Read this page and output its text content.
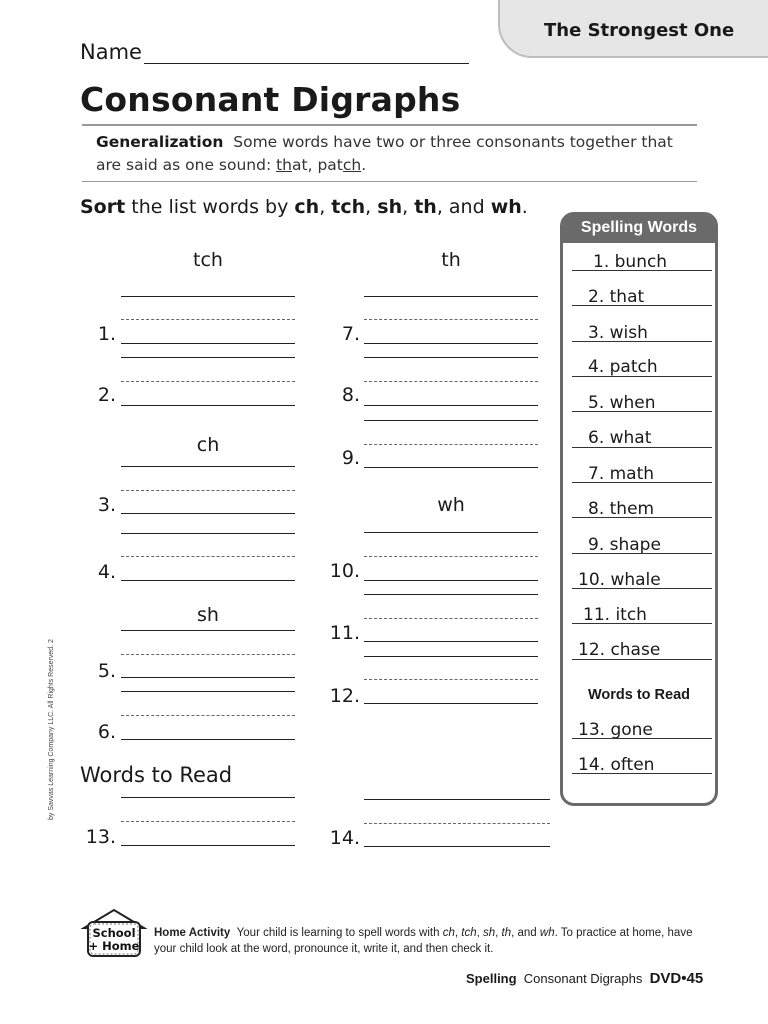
The Strongest One
Name
Consonant Digraphs
Generalization Some words have two or three consonants together that are said as one sound: that, patch.
Sort the list words by ch, tch, sh, th, and wh.
tch
1.
2.
ch
3.
4.
sh
5.
6.
Words to Read
13.
th
7.
8.
9.
wh
10.
11.
12.
14.
Spelling Words
1. bunch
2. that
3. wish
4. patch
5. when
6. what
7. math
8. them
9. shape
10. whale
11. itch
12. chase
Words to Read
13. gone
14. often
by Savvas Learning Company LLC. All Rights Reserved. 2
School
+ Home
Home Activity Your child is learning to spell words with ch, tch, sh, th, and wh. To practice at home, have your child look at the word, pronounce it, write it, and then check it.
Spelling Consonant Digraphs DVD•45
